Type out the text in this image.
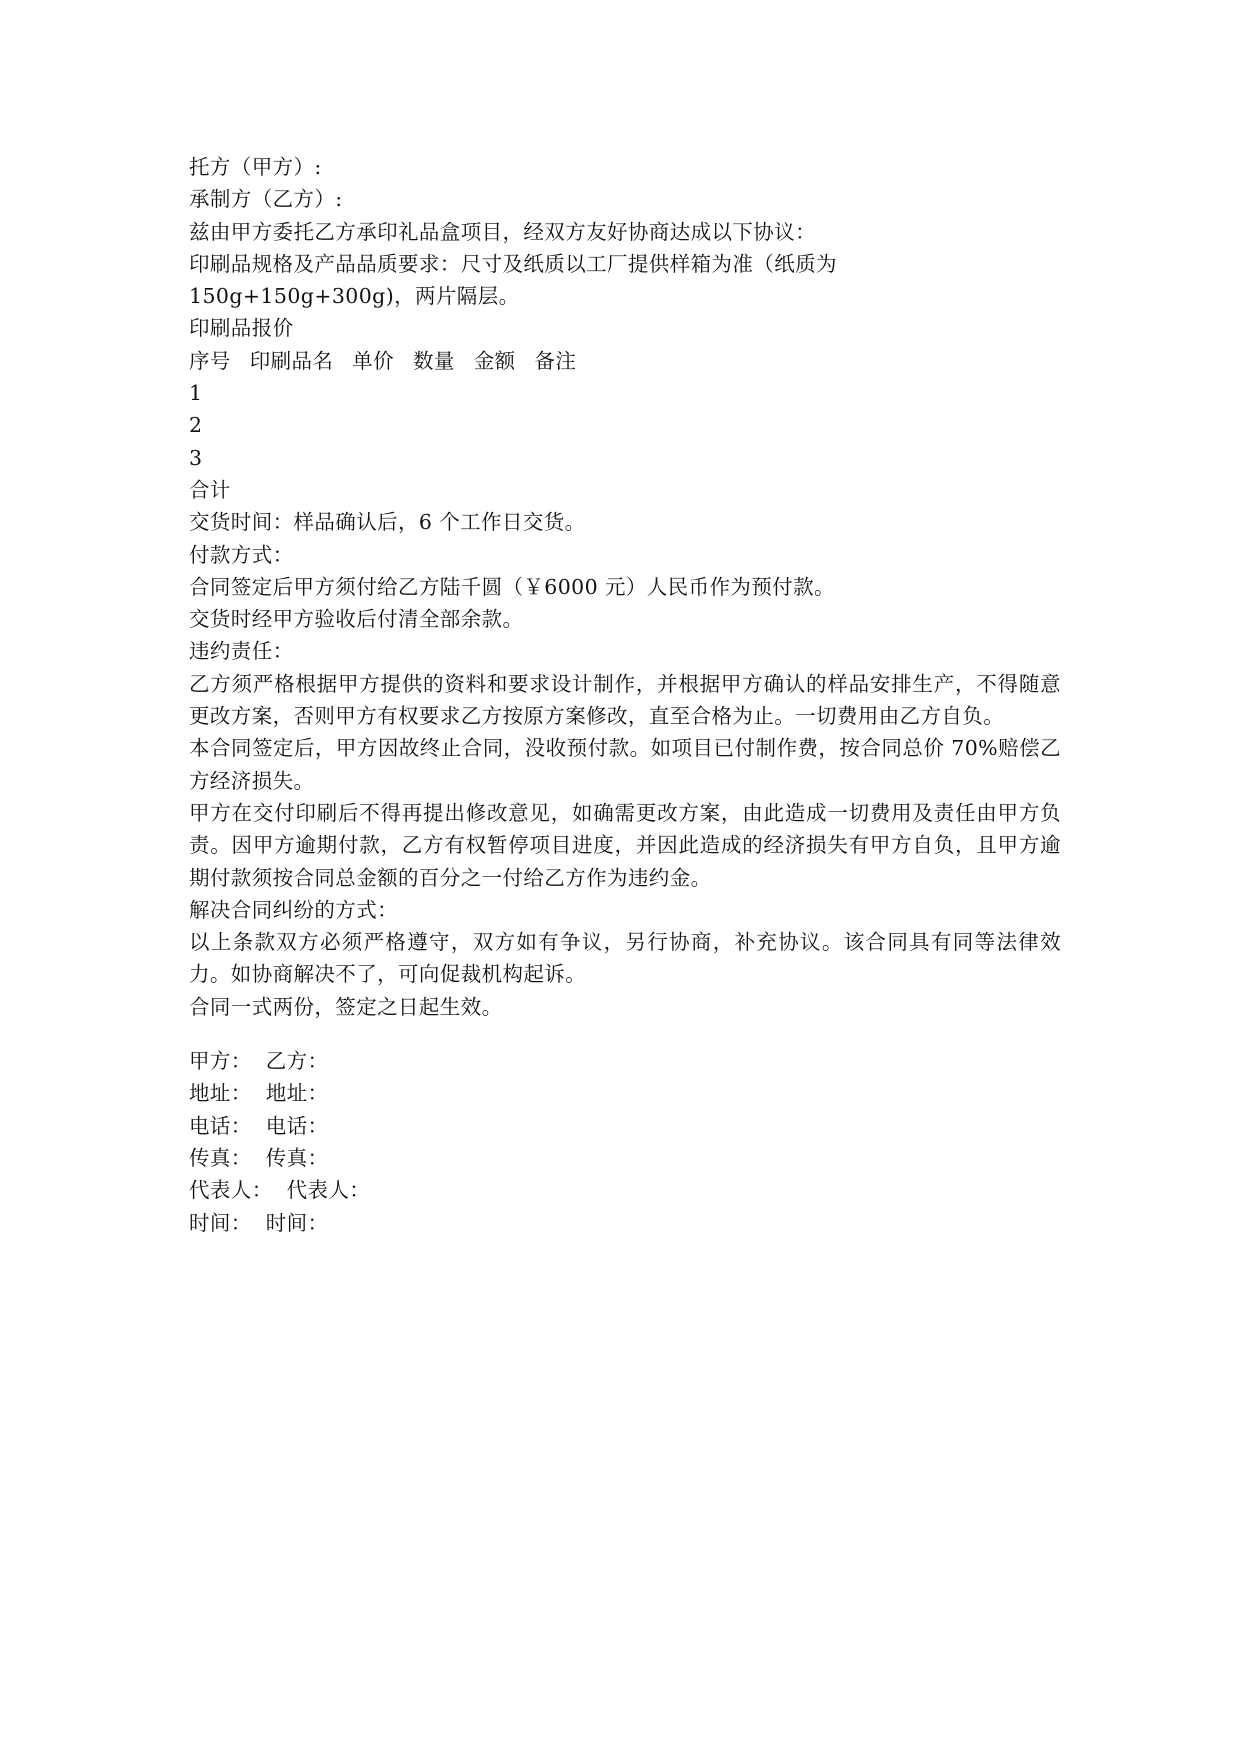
托方（甲方）:
承制方（乙方）:
兹由甲方委托乙方承印礼品盒项目，经双方友好协商达成以下协议：
印刷品规格及产品品质要求：尺寸及纸质以工厂提供样箱为准（纸质为
150g+150g+300g)，两片隔层。
印刷品报价
序号 印刷品名 单价 数量 金额 备注
1
2
3
合计
交货时间：样品确认后，6 个工作日交货。
付款方式：
合同签定后甲方须付给乙方陆千圆（￥6000 元）人民币作为预付款。
交货时经甲方验收后付清全部余款。
违约责任：
乙方须严格根据甲方提供的资料和要求设计制作，并根据甲方确认的样品安排生产，不得随意更改方案，否则甲方有权要求乙方按原方案修改，直至合格为止。一切费用由乙方自负。
本合同签定后，甲方因故终止合同，没收预付款。如项目已付制作费，按合同总价 70%赔偿乙方经济损失。
甲方在交付印刷后不得再提出修改意见，如确需更改方案，由此造成一切费用及责任由甲方负责。因甲方逾期付款，乙方有权暂停项目进度，并因此造成的经济损失有甲方自负，且甲方逾期付款须按合同总金额的百分之一付给乙方作为违约金。
解决合同纠纷的方式：
以上条款双方必须严格遵守，双方如有争议，另行协商，补充协议。该合同具有同等法律效力。如协商解决不了，可向促裁机构起诉。
合同一式两份，签定之日起生效。
甲方： 乙方：
地址： 地址：
电话： 电话：
传真： 传真：
代表人： 代表人：
时间： 时间：
